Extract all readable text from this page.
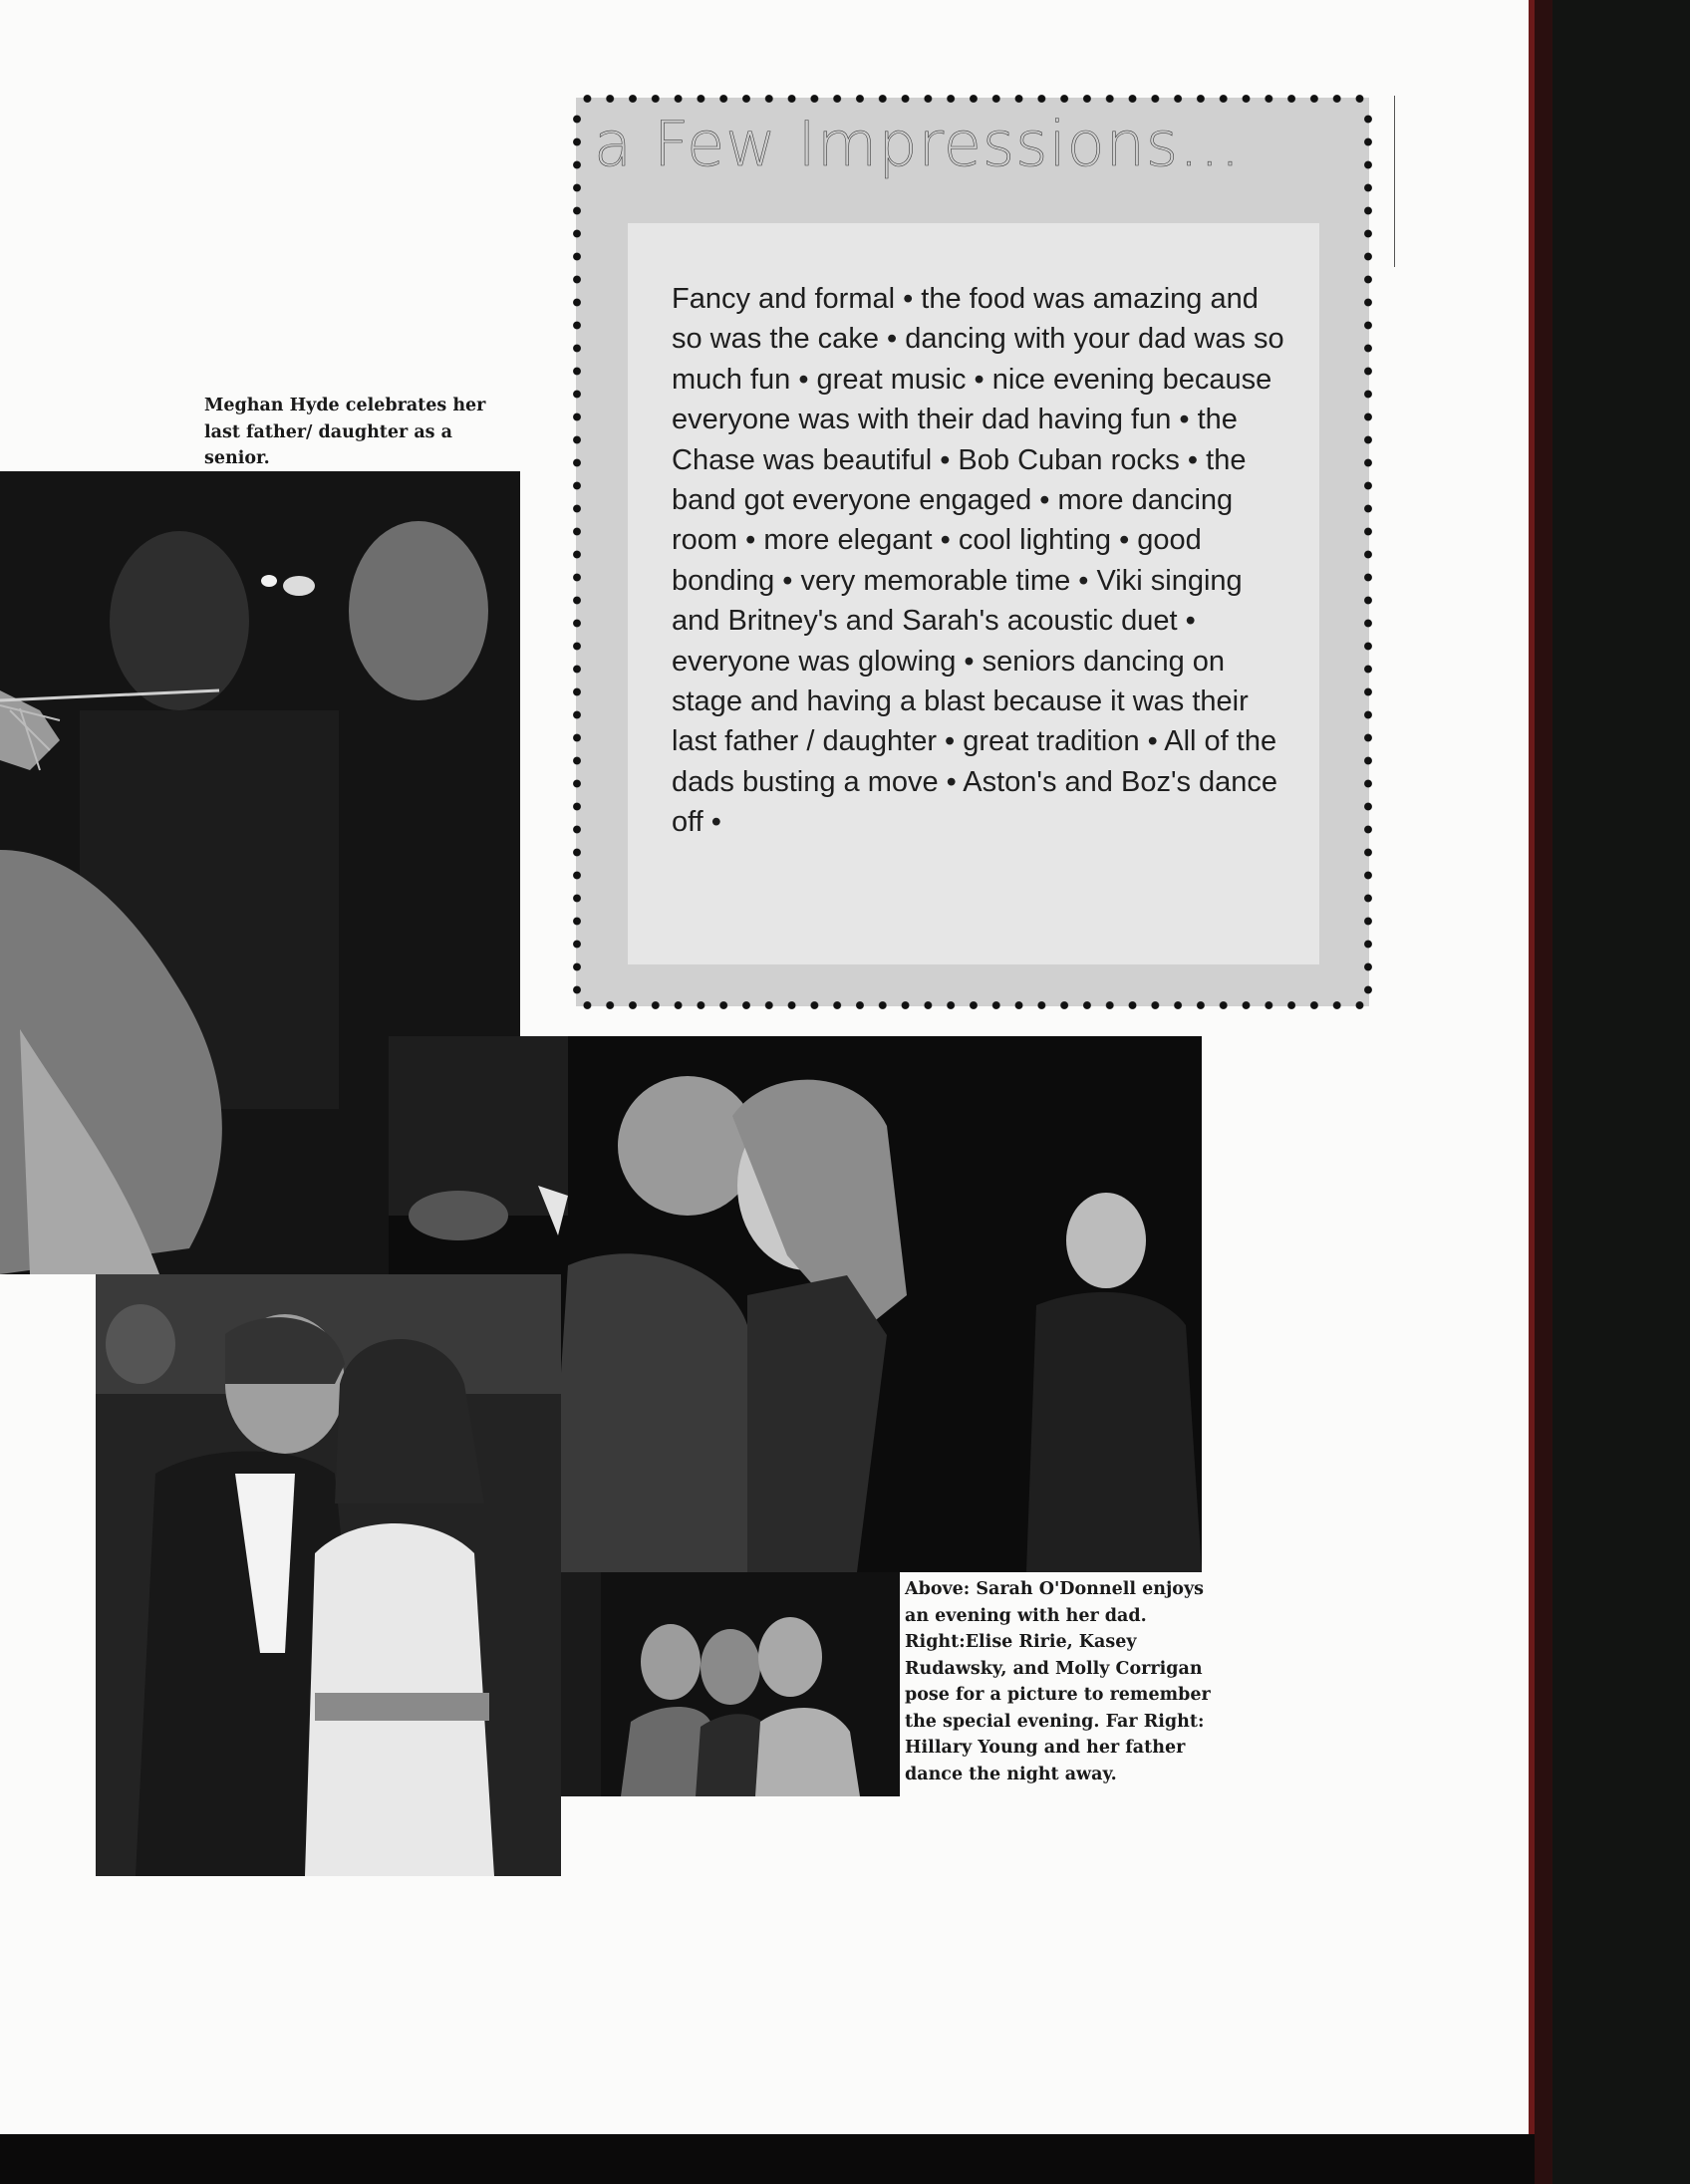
Meghan Hyde celebrates her last father/ daughter as a senior.
a Few Impressions...
Fancy and formal • the food was amazing and so was the cake • dancing with your dad was so much fun • great music • nice evening because everyone was with their dad having fun • the Chase was beautiful • Bob Cuban rocks • the band got everyone engaged • more dancing room • more elegant • cool lighting • good bonding • very memorable time • Viki singing and Britney's and Sarah's acoustic duet • everyone was glowing • seniors dancing on stage and having a blast because it was their last father / daughter • great tradition • All of the dads busting a move • Aston's and Boz's dance off •
Above: Sarah O'Donnell enjoys an evening with her dad. Right:Elise Ririe, Kasey Rudawsky, and Molly Corrigan pose for a picture to remember the special evening. Far Right: Hillary Young and her father dance the night away.
